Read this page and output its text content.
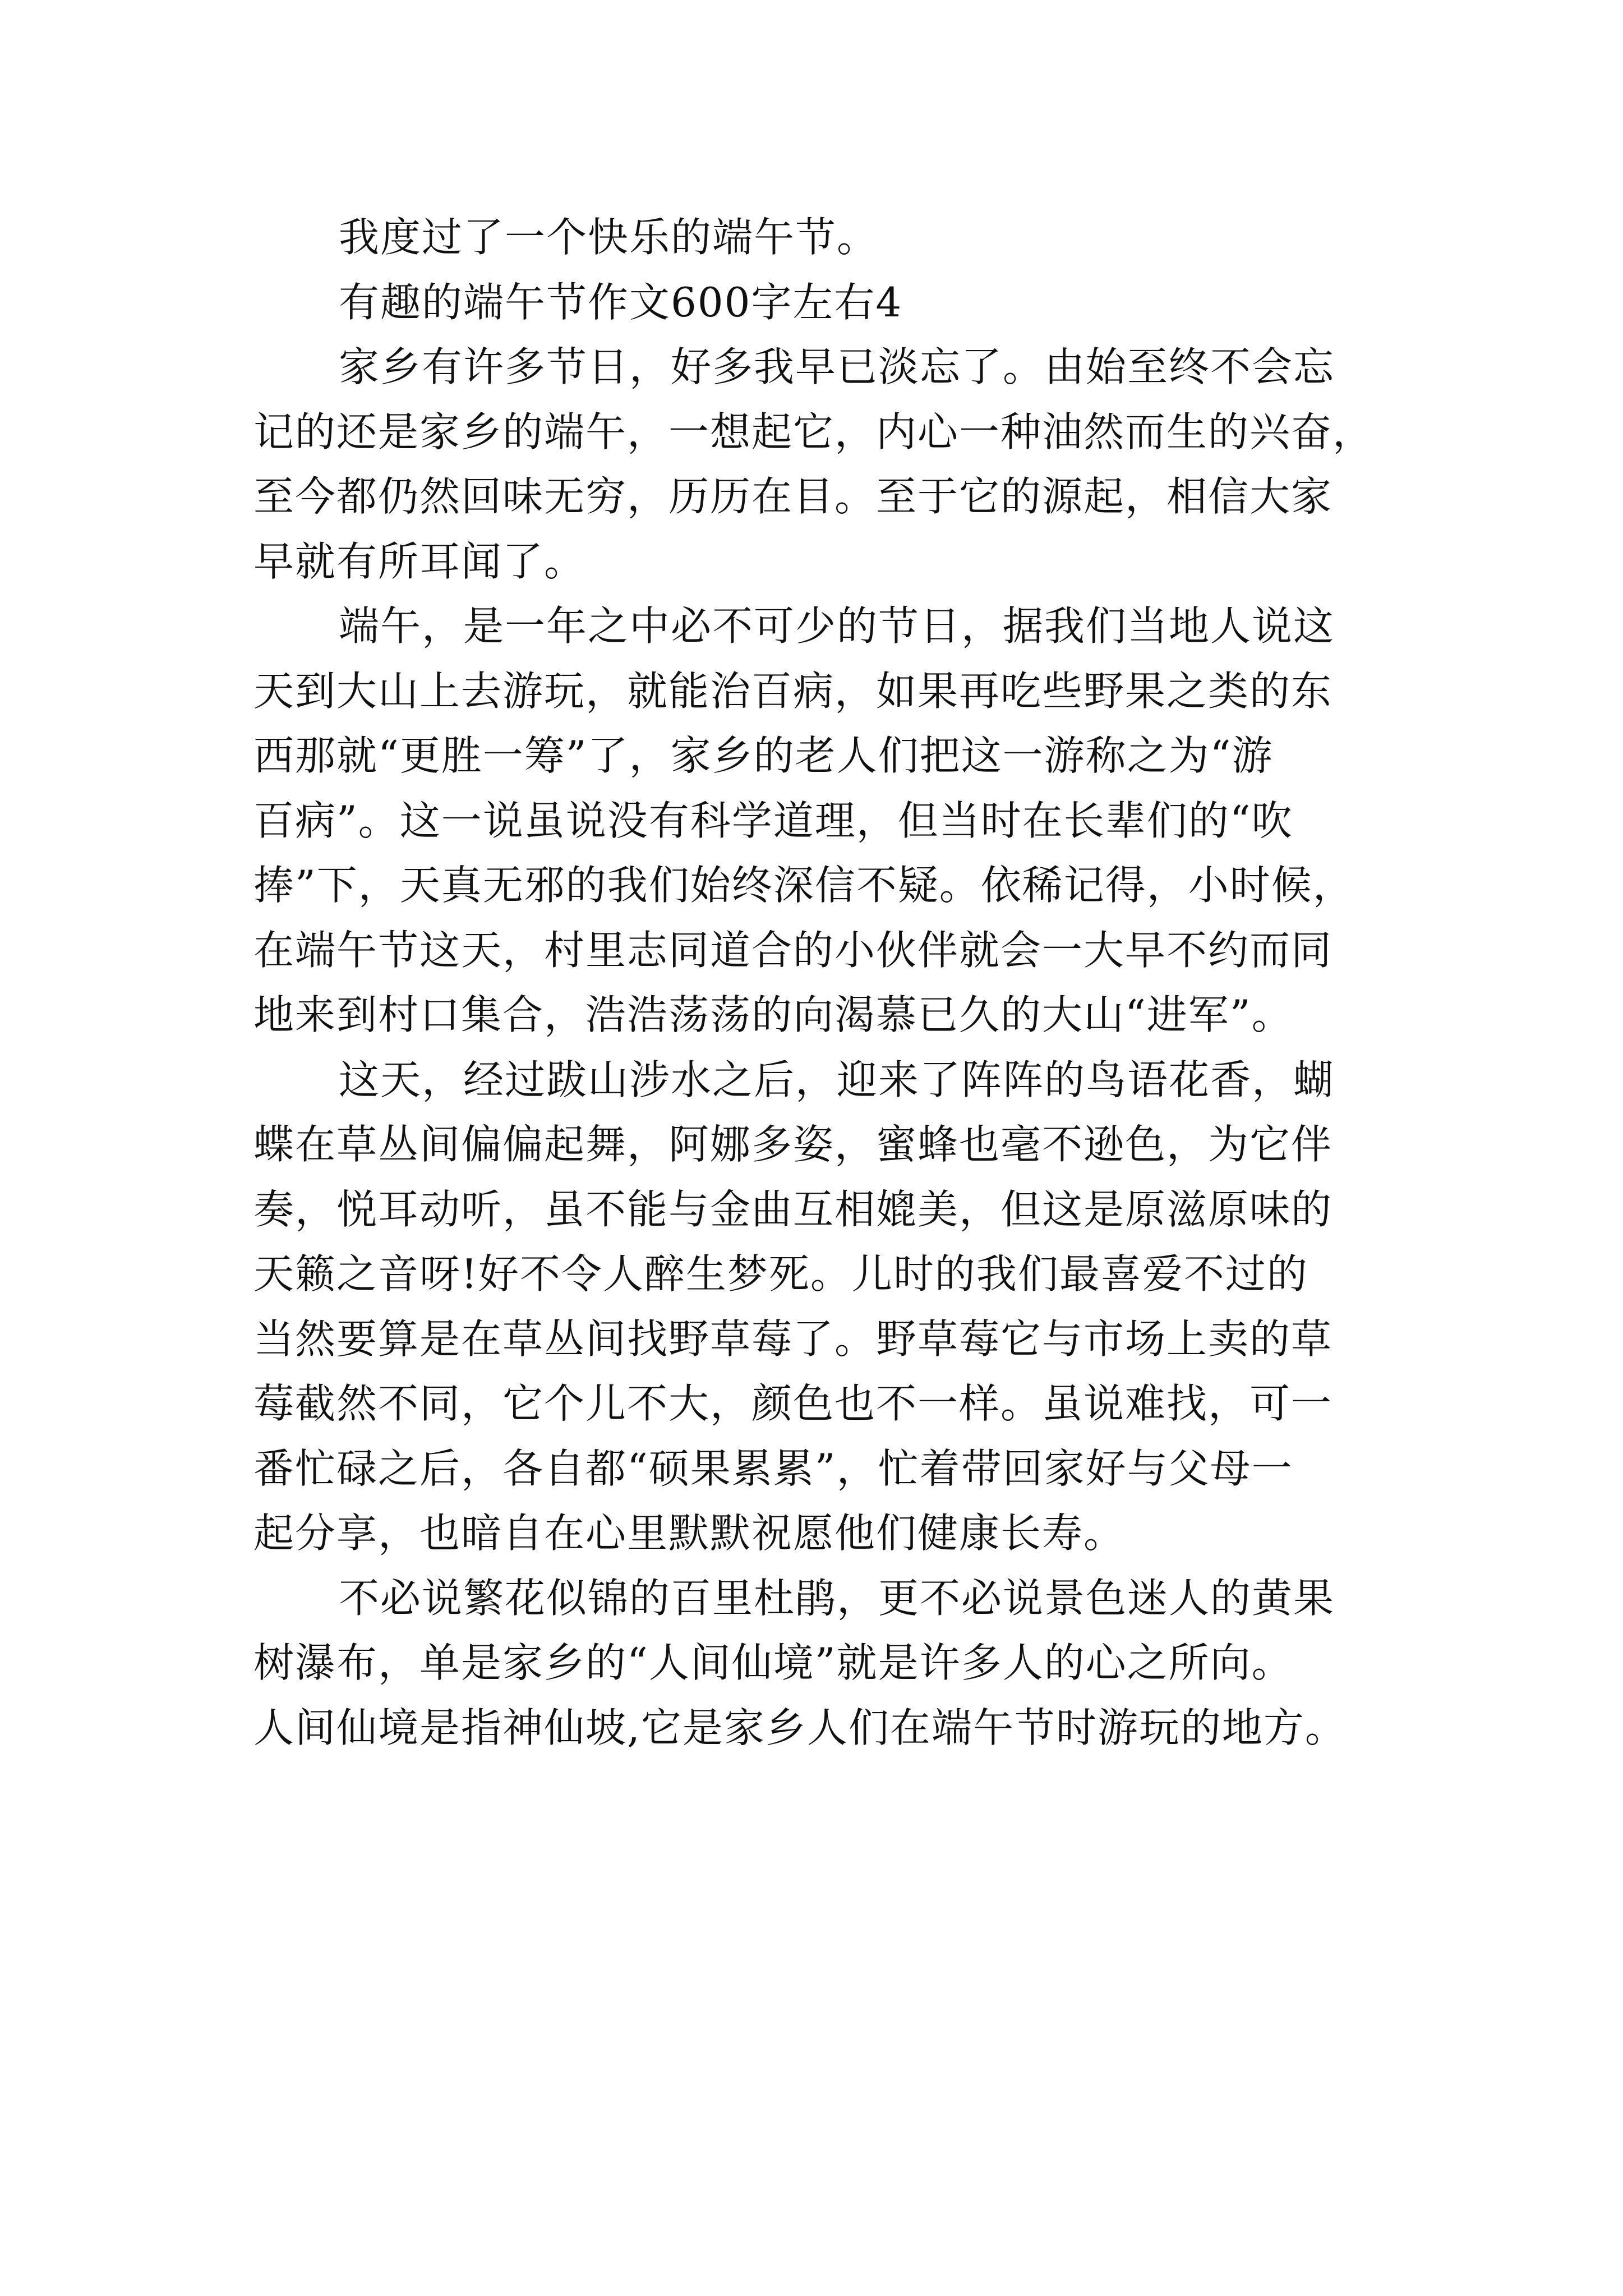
我度过了一个快乐的端午节。
有趣的端午节作文600字左右4
家乡有许多节日，好多我早已淡忘了。由始至终不会忘
记的还是家乡的端午，一想起它，内心一种油然而生的兴奋，
至今都仍然回味无穷，历历在目。至于它的源起，相信大家
早就有所耳闻了。
端午，是一年之中必不可少的节日，据我们当地人说这
天到大山上去游玩，就能治百病，如果再吃些野果之类的东
西那就“更胜一筹”了，家乡的老人们把这一游称之为“游
百病”。这一说虽说没有科学道理，但当时在长辈们的“吹
捧”下，天真无邪的我们始终深信不疑。依稀记得，小时候，
在端午节这天，村里志同道合的小伙伴就会一大早不约而同
地来到村口集合，浩浩荡荡的向渴慕已久的大山“进军”。
这天，经过跋山涉水之后，迎来了阵阵的鸟语花香，蝴
蝶在草丛间偏偏起舞，阿娜多姿，蜜蜂也毫不逊色，为它伴
奏，悦耳动听，虽不能与金曲互相媲美，但这是原滋原味的
天籁之音呀!好不令人醉生梦死。儿时的我们最喜爱不过的
当然要算是在草丛间找野草莓了。野草莓它与市场上卖的草
莓截然不同，它个儿不大，颜色也不一样。虽说难找，可一
番忙碌之后，各自都“硕果累累”，忙着带回家好与父母一
起分享，也暗自在心里默默祝愿他们健康长寿。
不必说繁花似锦的百里杜鹃，更不必说景色迷人的黄果
树瀑布，单是家乡的“人间仙境”就是许多人的心之所向。
人间仙境是指神仙坡,它是家乡人们在端午节时游玩的地方。
